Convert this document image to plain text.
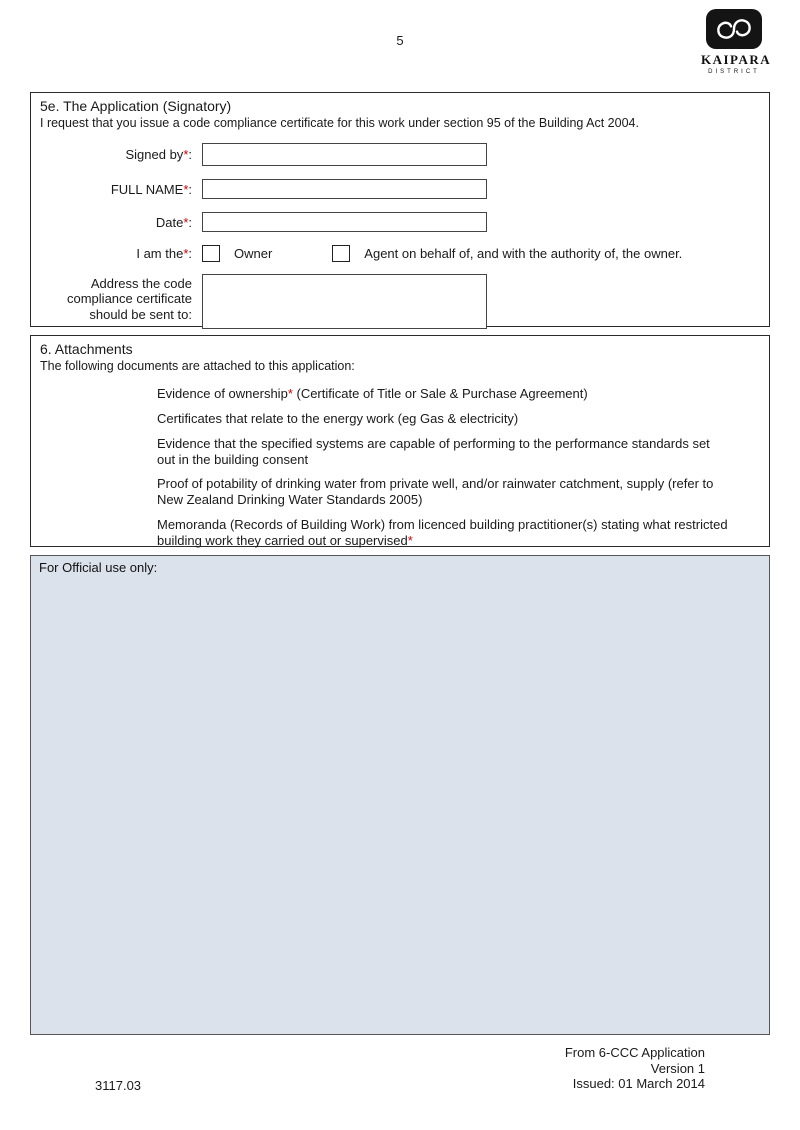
5
KAIPARA
DISTRICT
5e. The Application (Signatory)
I request that you issue a code compliance certificate for this work under section 95 of the Building Act 2004.
Signed by*:
FULL NAME*:
Date*:
I am the*:	Owner	Agent on behalf of, and with the authority of, the owner.
Address the code compliance certificate should be sent to:
6. Attachments
The following documents are attached to this application:
Evidence of ownership* (Certificate of Title or Sale & Purchase Agreement)
Certificates that relate to the energy work (eg Gas & electricity)
Evidence that the specified systems are capable of performing to the performance standards set out in the building consent
Proof of potability of drinking water from private well, and/or rainwater catchment, supply (refer to New Zealand Drinking Water Standards 2005)
Memoranda (Records of Building Work) from licenced building practitioner(s) stating what restricted building work they carried out or supervised*
For Official use only:
From 6-CCC Application
Version 1
Issued: 01 March 2014
3117.03
